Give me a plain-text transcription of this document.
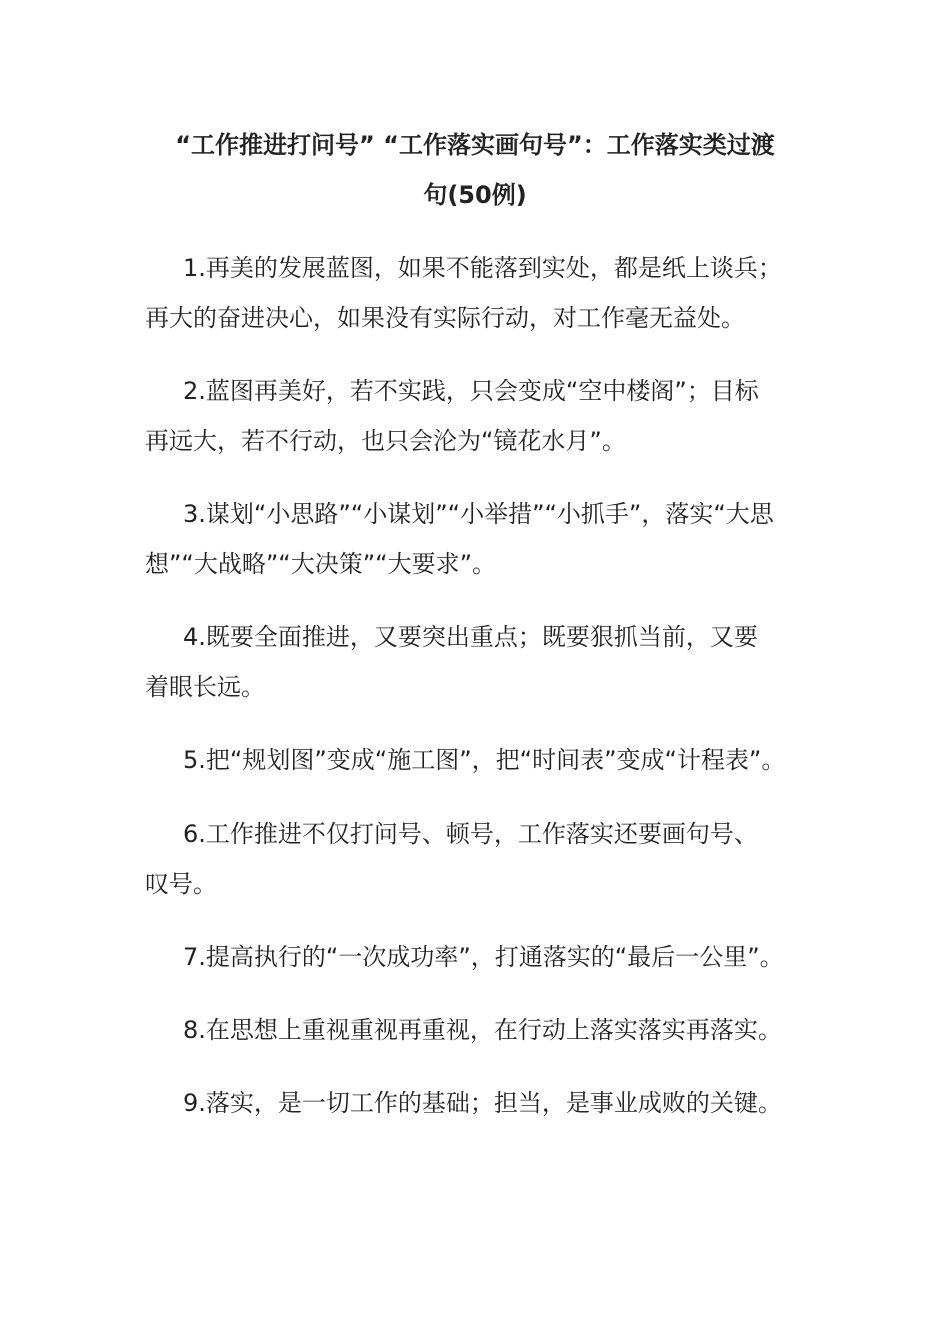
“工作推进打问号” “工作落实画句号”：工作落实类过渡
句(50例)
1.再美的发展蓝图，如果不能落到实处，都是纸上谈兵；
再大的奋进决心，如果没有实际行动，对工作毫无益处。
2.蓝图再美好，若不实践，只会变成“空中楼阁”；目标
再远大，若不行动，也只会沦为“镜花水月”。
3.谋划“小思路”“小谋划”“小举措”“小抓手”，落实“大思
想”“大战略”“大决策”“大要求”。
4.既要全面推进，又要突出重点；既要狠抓当前，又要
着眼长远。
5.把“规划图”变成“施工图”，把“时间表”变成“计程表”。
6.工作推进不仅打问号、顿号，工作落实还要画句号、
叹号。
7.提高执行的“一次成功率”，打通落实的“最后一公里”。
8.在思想上重视重视再重视，在行动上落实落实再落实。
9.落实，是一切工作的基础；担当，是事业成败的关键。
